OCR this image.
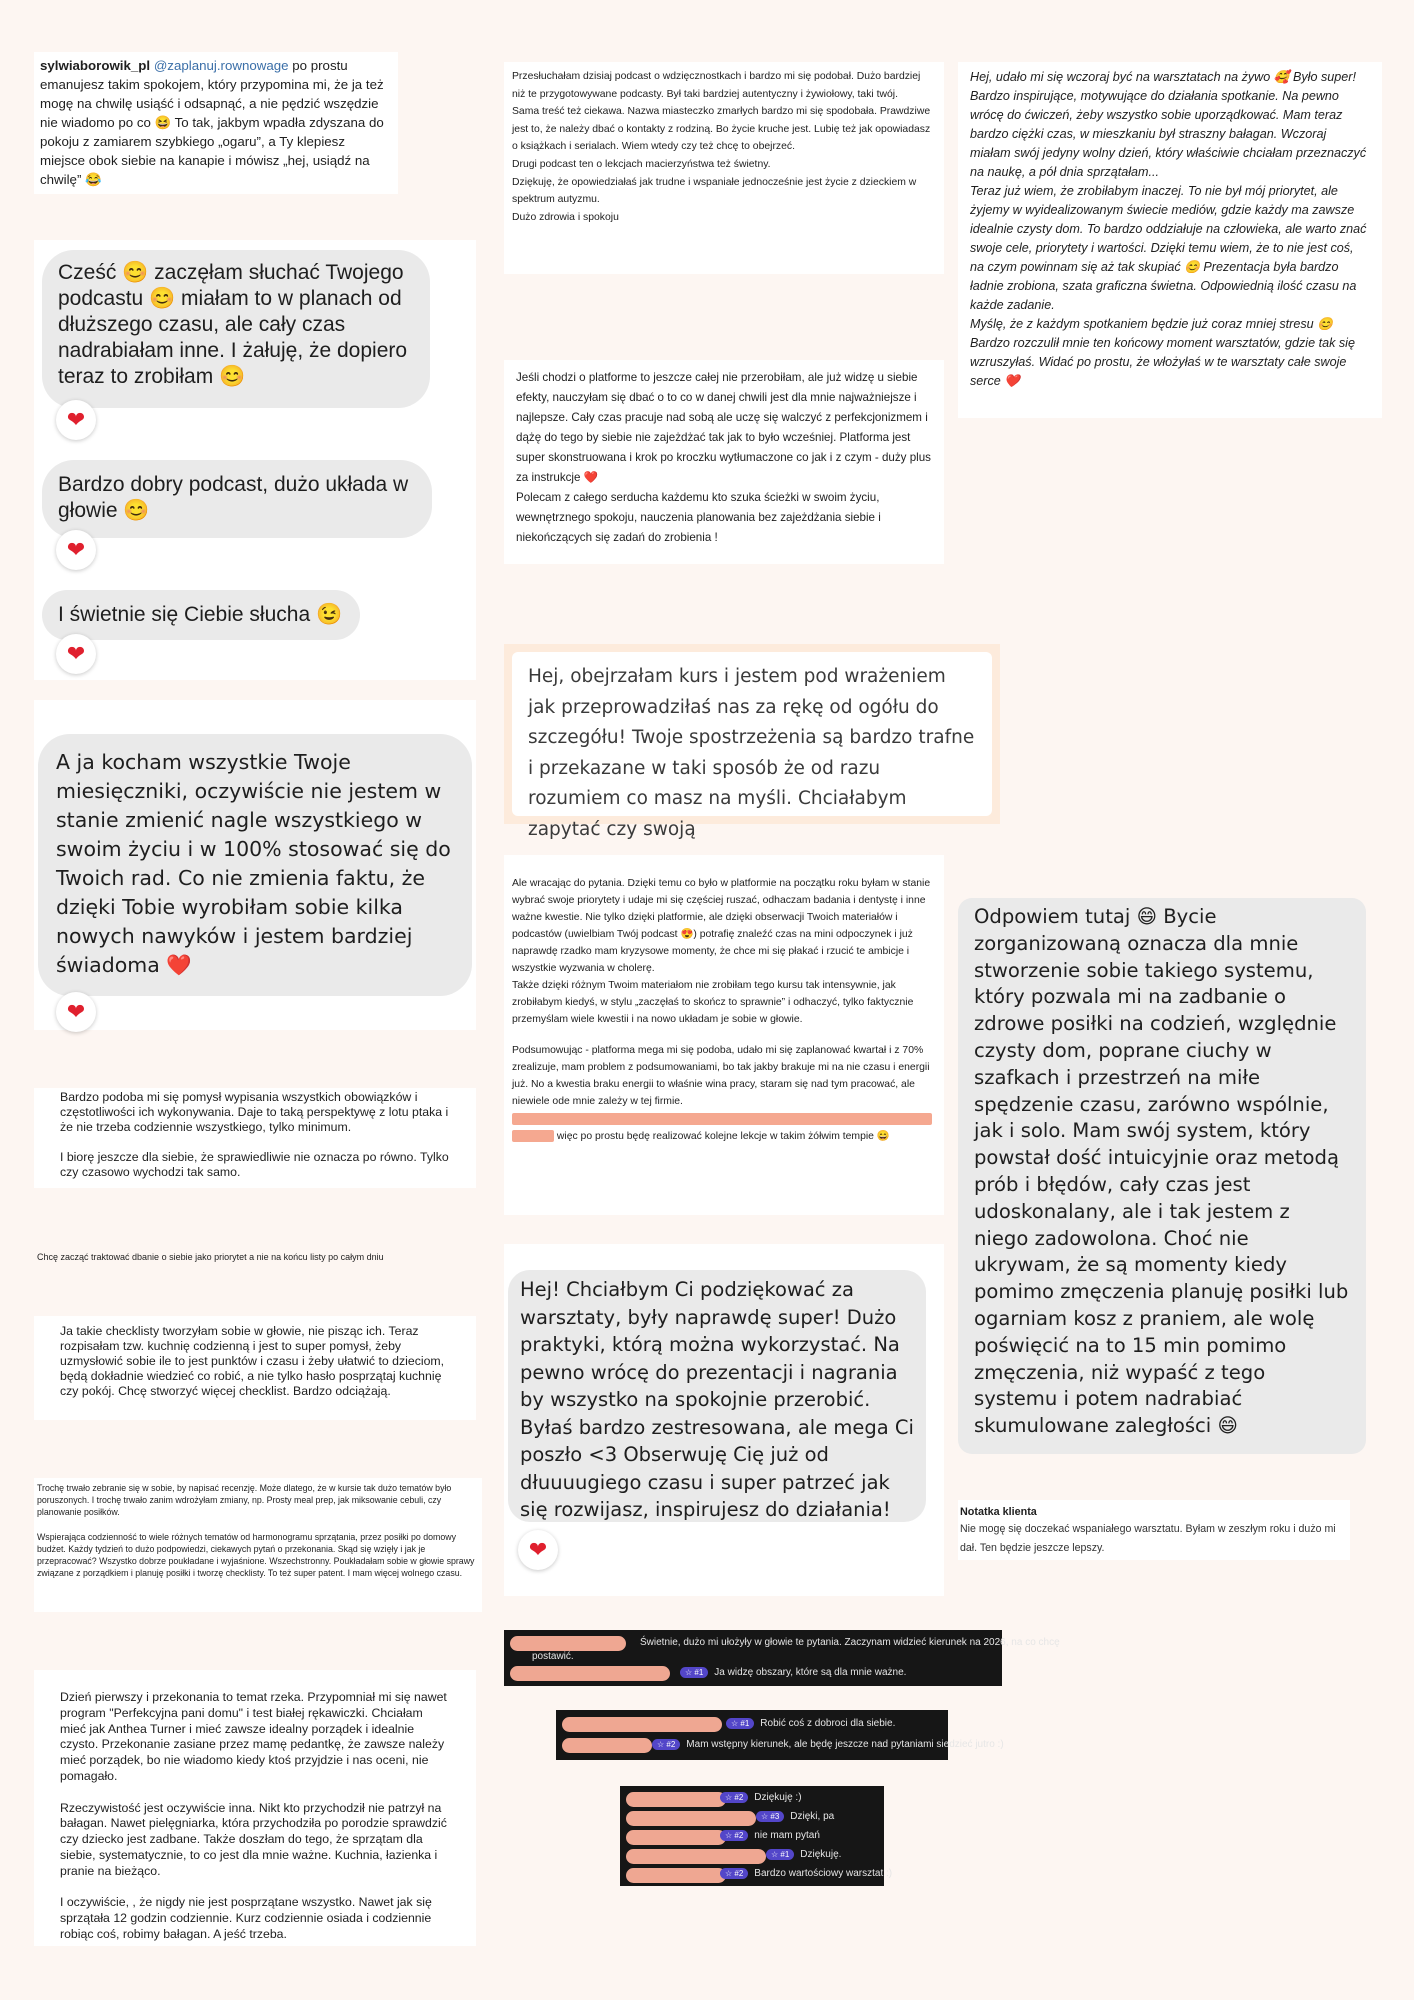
sylwiaborowik_pl @zaplanuj.rownowage po prostu emanujesz takim spokojem, który przypomina mi, że ja też mogę na chwilę usiąść i odsapnąć, a nie pędzić wszędzie nie wiadomo po co 😆 To tak, jakbym wpadła zdyszana do pokoju z zamiarem szybkiego „ogaru”, a Ty klepiesz miejsce obok siebie na kanapie i mówisz „hej, usiądź na chwilę” 😂
Cześć 😊 zaczęłam słuchać Twojego podcastu 😊 miałam to w planach od dłuższego czasu, ale cały czas nadrabiałam inne. I żałuję, że dopiero teraz to zrobiłam 😊
❤
Bardzo dobry podcast, dużo układa w głowie 😊
❤
I świetnie się Ciebie słucha 😉
❤
A ja kocham wszystkie Twoje miesięczniki, oczywiście nie jestem w stanie zmienić nagle wszystkiego w swoim życiu i w 100% stosować się do Twoich rad. Co nie zmienia faktu, że dzięki Tobie wyrobiłam sobie kilka nowych nawyków i jestem bardziej świadoma ❤️
❤
Bardzo podoba mi się pomysł wypisania wszystkich obowiązków i częstotliwości ich wykonywania. Daje to taką perspektywę z lotu ptaka i że nie trzeba codziennie wszystkiego, tylko minimum.

I biorę jeszcze dla siebie, że sprawiedliwie nie oznacza po równo. Tylko czy czasowo wychodzi tak samo.
Chcę zacząć traktować dbanie o siebie jako priorytet a nie na końcu listy po całym dniu
Ja takie checklisty tworzyłam sobie w głowie, nie pisząc ich. Teraz rozpisałam tzw. kuchnię codzienną i jest to super pomysł, żeby uzmysłowić sobie ile to jest punktów i czasu i żeby ułatwić to dzieciom, będą dokładnie wiedzieć co robić, a nie tylko hasło posprzątaj kuchnię czy pokój. Chcę stworzyć więcej checklist. Bardzo odciążają.
Trochę trwało zebranie się w sobie, by napisać recenzję. Może dlatego, że w kursie tak dużo tematów było poruszonych. I trochę trwało zanim wdrożyłam zmiany, np. Prosty meal prep, jak miksowanie cebuli, czy planowanie posiłków.

Wspierająca codzienność to wiele różnych tematów od harmonogramu sprzątania, przez posiłki po domowy budżet. Każdy tydzień to dużo podpowiedzi, ciekawych pytań o przekonania. Skąd się wzięły i jak je przepracować? Wszystko dobrze poukładane i wyjaśnione. Wszechstronny. Poukładałam sobie w głowie sprawy związane z porządkiem i planuję posiłki i tworzę checklisty. To też super patent. I mam więcej wolnego czasu.
Dzień pierwszy i przekonania to temat rzeka. Przypomniał mi się nawet program "Perfekcyjna pani domu" i test białej rękawiczki. Chciałam mieć jak Anthea Turner i mieć zawsze idealny porządek i idealnie czysto. Przekonanie zasiane przez mamę pedantkę, że zawsze należy mieć porządek, bo nie wiadomo kiedy ktoś przyjdzie i nas oceni, nie pomagało.

Rzeczywistość jest oczywiście inna. Nikt kto przychodził nie patrzył na bałagan. Nawet pielęgniarka, która przychodziła po porodzie sprawdzić czy dziecko jest zadbane. Także doszłam do tego, że sprzątam dla siebie, systematycznie, to co jest dla mnie ważne. Kuchnia, łazienka i pranie na bieżąco.

I oczywiście, , że nigdy nie jest posprzątane wszystko. Nawet jak się sprzątała 12 godzin codziennie. Kurz codziennie osiada i codziennie robiąc coś, robimy bałagan. A jeść trzeba.
Przesłuchałam dzisiaj podcast o wdzięcznostkach i bardzo mi się podobał. Dużo bardziej niż te przygotowywane podcasty. Był taki bardziej autentyczny i żywiołowy, taki twój.
Sama treść też ciekawa. Nazwa miasteczko zmarłych bardzo mi się spodobała. Prawdziwe jest to, że należy dbać o kontakty z rodziną. Bo życie kruche jest. Lubię też jak opowiadasz o książkach i serialach. Wiem wtedy czy też chcę to obejrzeć.
Drugi podcast ten o lekcjach macierzyństwa też świetny.
Dziękuję, że opowiedziałaś jak trudne i wspaniałe jednocześnie jest życie z dzieckiem w spektrum autyzmu.
Dużo zdrowia i spokoju
Jeśli chodzi o platforme to jeszcze całej nie przerobiłam, ale już widzę u siebie efekty, nauczyłam się dbać o to co w danej chwili jest dla mnie najważniejsze i najlepsze. Cały czas pracuje nad sobą ale uczę się walczyć z perfekcjonizmem i dążę do tego by siebie nie zajeżdżać tak jak to było wcześniej. Platforma jest super skonstruowana i krok po kroczku wytłumaczone co jak i z czym - duży plus za instrukcje ❤️
Polecam z całego serducha każdemu kto szuka ścieżki w swoim życiu, wewnętrznego spokoju, nauczenia planowania bez zajeżdżania siebie i niekończących się zadań do zrobienia !
Hej, obejrzałam kurs i jestem pod wrażeniem jak przeprowadziłaś nas za rękę od ogółu do szczegółu! Twoje spostrzeżenia są bardzo trafne i przekazane w taki sposób że od razu rozumiem co masz na myśli. Chciałabym zapytać czy swoją
Ale wracając do pytania. Dzięki temu co było w platformie na początku roku byłam w stanie wybrać swoje priorytety i udaje mi się częściej ruszać, odhaczam badania i dentystę i inne ważne kwestie. Nie tylko dzięki platformie, ale dzięki obserwacji Twoich materiałów i podcastów (uwielbiam Twój podcast 😍) potrafię znaleźć czas na mini odpoczynek i już naprawdę rzadko mam kryzysowe momenty, że chce mi się płakać i rzucić te ambicje i wszystkie wyzwania w cholerę.
Także dzięki różnym Twoim materiałom nie zrobiłam tego kursu tak intensywnie, jak zrobiłabym kiedyś, w stylu „zaczęłaś to skończ to sprawnie” i odhaczyć, tylko faktycznie przemyślam wiele kwestii i na nowo układam je sobie w głowie.
Podsumowując - platforma mega mi się podoba, udało mi się zaplanować kwartał i z 70% zrealizuje, mam problem z podsumowaniami, bo tak jakby brakuje mi na nie czasu i energii już. No a kwestia braku energii to właśnie wina pracy, staram się nad tym pracować, ale niewiele ode mnie zależy w tej firmie.
więc po prostu będę realizować kolejne lekcje w takim żółwim tempie 😄
Hej! Chciałbym Ci podziękować za warsztaty, były naprawdę super! Dużo praktyki, którą można wykorzystać. Na pewno wrócę do prezentacji i nagrania by wszystko na spokojnie przerobić. Byłaś bardzo zestresowana, ale mega Ci poszło <3 Obserwuję Cię już od dłuuuugiego czasu i super patrzeć jak się rozwijasz, inspirujesz do działania!
❤
Świetnie, dużo mi ułożyły w głowie te pytania. Zaczynam widzieć kierunek na 2026, na co chcę
postawić.
☆ #1 Ja widzę obszary, które są dla mnie ważne.
☆ #1 Robić coś z dobroci dla siebie.
☆ #2 Mam wstępny kierunek, ale będę jeszcze nad pytaniami siedzieć jutro :)
☆ #2 Dziękuję :)
☆ #3 Dzięki, pa
☆ #2 nie mam pytań
☆ #1 Dziękuję.
☆ #2 Bardzo wartościowy warsztat :)
Hej, udało mi się wczoraj być na warsztatach na żywo 🥰 Było super! Bardzo inspirujące, motywujące do działania spotkanie. Na pewno wrócę do ćwiczeń, żeby wszystko sobie uporządkować. Mam teraz bardzo ciężki czas, w mieszkaniu był straszny bałagan. Wczoraj miałam swój jedyny wolny dzień, który właściwie chciałam przeznaczyć na naukę, a pół dnia sprzątałam...
Teraz już wiem, że zrobiłabym inaczej. To nie był mój priorytet, ale żyjemy w wyidealizowanym świecie mediów, gdzie każdy ma zawsze idealnie czysty dom. To bardzo oddziałuje na człowieka, ale warto znać swoje cele, priorytety i wartości. Dzięki temu wiem, że to nie jest coś, na czym powinnam się aż tak skupiać 😊 Prezentacja była bardzo ładnie zrobiona, szata graficzna świetna. Odpowiednią ilość czasu na każde zadanie.
Myślę, że z każdym spotkaniem będzie już coraz mniej stresu 😊 Bardzo rozczulił mnie ten końcowy moment warsztatów, gdzie tak się wzruszyłaś. Widać po prostu, że włożyłaś w te warsztaty całe swoje serce ❤️
Odpowiem tutaj 😄 Bycie zorganizowaną oznacza dla mnie stworzenie sobie takiego systemu, który pozwala mi na zadbanie o zdrowe posiłki na codzień, względnie czysty dom, poprane ciuchy w szafkach i przestrzeń na miłe spędzenie czasu, zarówno wspólnie, jak i solo. Mam swój system, który powstał dość intuicyjnie oraz metodą prób i błędów, cały czas jest udoskonalany, ale i tak jestem z niego zadowolona. Choć nie ukrywam, że są momenty kiedy pomimo zmęczenia planuję posiłki lub ogarniam kosz z praniem, ale wolę poświęcić na to 15 min pomimo zmęczenia, niż wypaść z tego systemu i potem nadrabiać skumulowane zaległości 😄
Notatka klienta
Nie mogę się doczekać wspaniałego warsztatu. Byłam w zeszłym roku i dużo mi dał. Ten będzie jeszcze lepszy.
